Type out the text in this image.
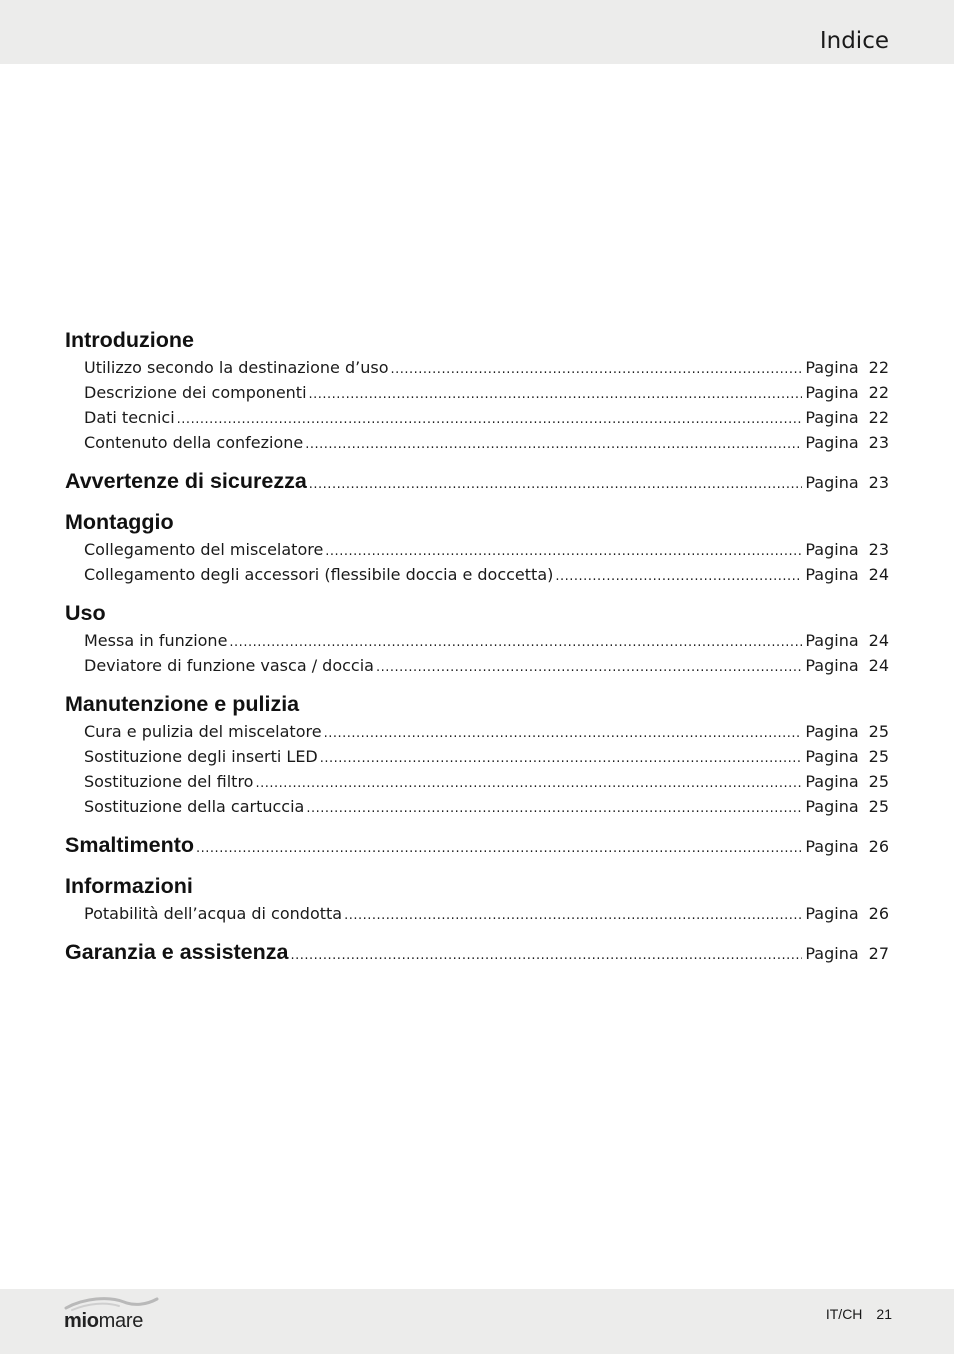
Indice
Introduzione
Utilizzo secondo la destinazione d’uso .....	Pagina 22
Descrizione dei componenti .....	Pagina 22
Dati tecnici .....	Pagina 22
Contenuto della confezione .....	Pagina 23
Avvertenze di sicurezza .....	Pagina 23
Montaggio
Collegamento del miscelatore .....	Pagina 23
Collegamento degli accessori (flessibile doccia e doccetta) .....	Pagina 24
Uso
Messa in funzione .....	Pagina 24
Deviatore di funzione vasca / doccia .....	Pagina 24
Manutenzione e pulizia
Cura e pulizia del miscelatore .....	Pagina 25
Sostituzione degli inserti LED .....	Pagina 25
Sostituzione del filtro .....	Pagina 25
Sostituzione della cartuccia .....	Pagina 25
Smaltimento .....	Pagina 26
Informazioni
Potabilità dell’acqua di condotta .....	Pagina 26
Garanzia e assistenza .....	Pagina 27
miomare	IT/CH 21
